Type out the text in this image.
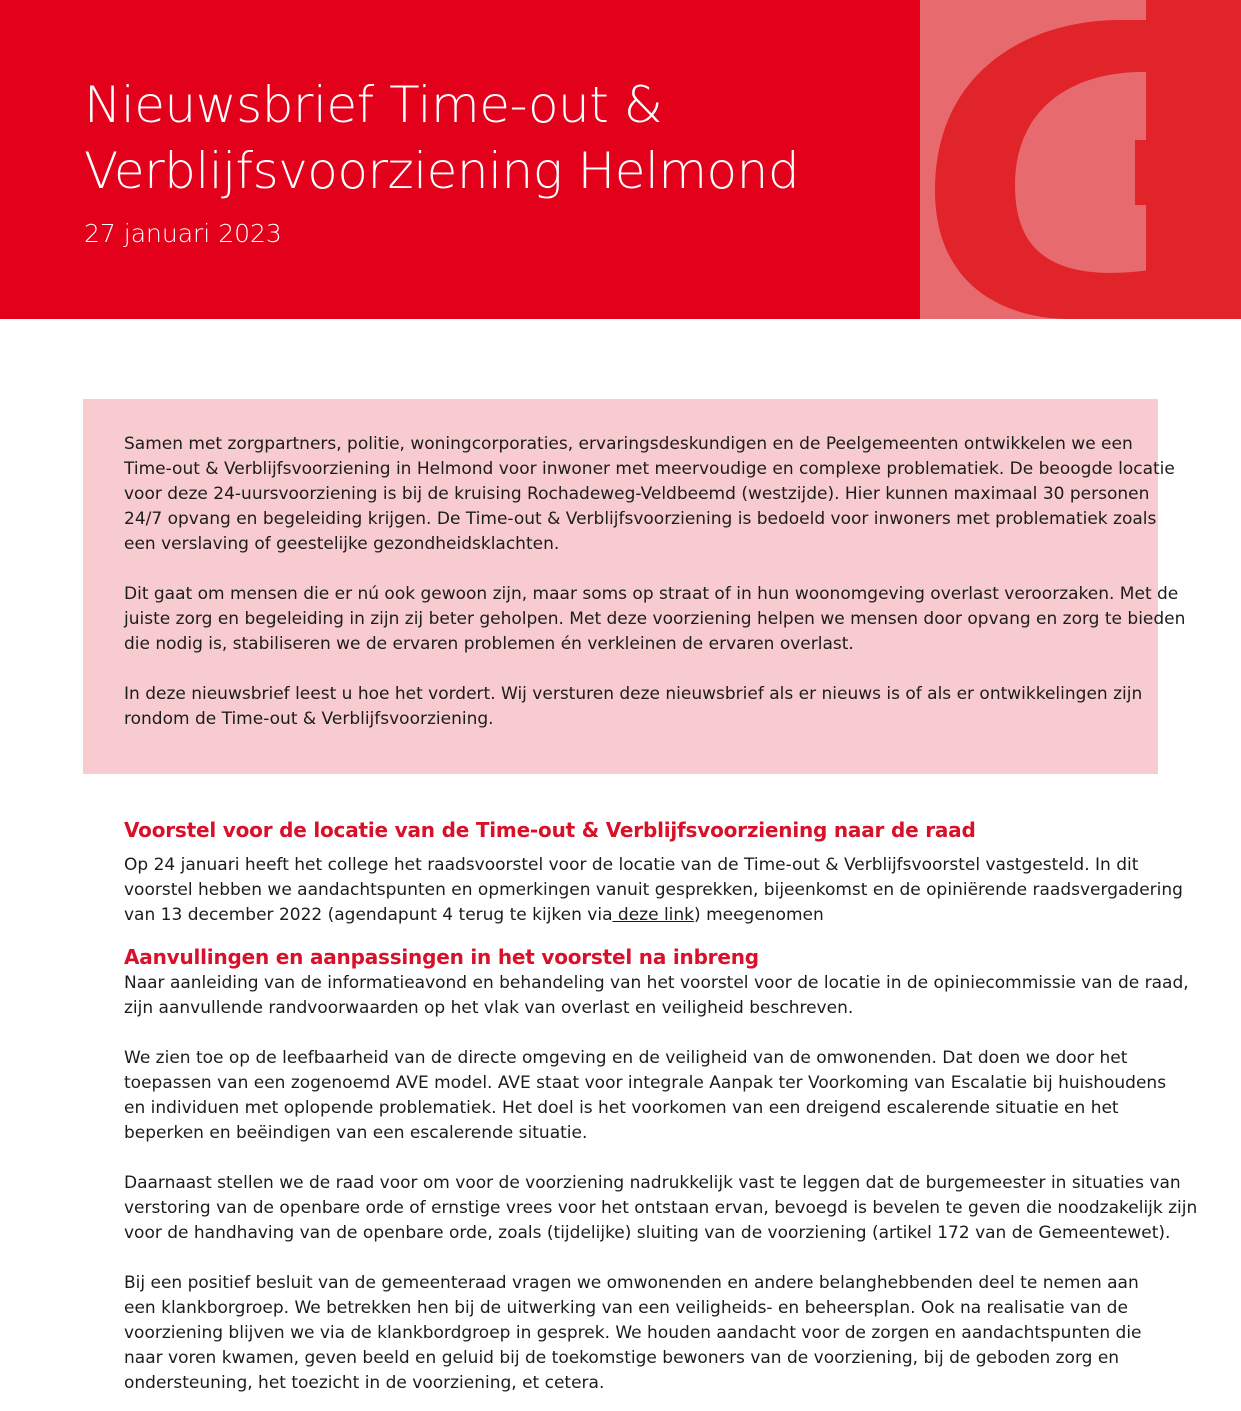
Nieuwsbrief Time-out &
Verblijfsvoorziening Helmond
27 januari 2023
Samen met zorgpartners, politie, woningcorporaties, ervaringsdeskundigen en de Peelgemeenten ontwikkelen we een
Time-out & Verblijfsvoorziening in Helmond voor inwoner met meervoudige en complexe problematiek. De beoogde locatie
voor deze 24-uursvoorziening is bij de kruising Rochadeweg-Veldbeemd (westzijde). Hier kunnen maximaal 30 personen
24/7 opvang en begeleiding krijgen. De Time-out & Verblijfsvoorziening is bedoeld voor inwoners met problematiek zoals
een verslaving of geestelijke gezondheidsklachten.
Dit gaat om mensen die er nú ook gewoon zijn, maar soms op straat of in hun woonomgeving overlast veroorzaken. Met de
juiste zorg en begeleiding in zijn zij beter geholpen. Met deze voorziening helpen we mensen door opvang en zorg te bieden
die nodig is, stabiliseren we de ervaren problemen én verkleinen de ervaren overlast.
In deze nieuwsbrief leest u hoe het vordert. Wij versturen deze nieuwsbrief als er nieuws is of als er ontwikkelingen zijn
rondom de Time-out & Verblijfsvoorziening.
Voorstel voor de locatie van de Time-out & Verblijfsvoorziening naar de raad
Op 24 januari heeft het college het raadsvoorstel voor de locatie van de Time-out & Verblijfsvoorstel vastgesteld. In dit
voorstel hebben we aandachtspunten en opmerkingen vanuit gesprekken, bijeenkomst en de opiniërende raadsvergadering
van 13 december 2022 (agendapunt 4 terug te kijken via deze link) meegenomen
Aanvullingen en aanpassingen in het voorstel na inbreng
Naar aanleiding van de informatieavond en behandeling van het voorstel voor de locatie in de opiniecommissie van de raad,
zijn aanvullende randvoorwaarden op het vlak van overlast en veiligheid beschreven.
We zien toe op de leefbaarheid van de directe omgeving en de veiligheid van de omwonenden. Dat doen we door het
toepassen van een zogenoemd AVE model. AVE staat voor integrale Aanpak ter Voorkoming van Escalatie bij huishoudens
en individuen met oplopende problematiek. Het doel is het voorkomen van een dreigend escalerende situatie en het
beperken en beëindigen van een escalerende situatie.
Daarnaast stellen we de raad voor om voor de voorziening nadrukkelijk vast te leggen dat de burgemeester in situaties van
verstoring van de openbare orde of ernstige vrees voor het ontstaan ervan, bevoegd is bevelen te geven die noodzakelijk zijn
voor de handhaving van de openbare orde, zoals (tijdelijke) sluiting van de voorziening (artikel 172 van de Gemeentewet).
Bij een positief besluit van de gemeenteraad vragen we omwonenden en andere belanghebbenden deel te nemen aan
een klankborgroep. We betrekken hen bij de uitwerking van een veiligheids- en beheersplan. Ook na realisatie van de
voorziening blijven we via de klankbordgroep in gesprek. We houden aandacht voor de zorgen en aandachtspunten die
naar voren kwamen, geven beeld en geluid bij de toekomstige bewoners van de voorziening, bij de geboden zorg en
ondersteuning, het toezicht in de voorziening, et cetera.
